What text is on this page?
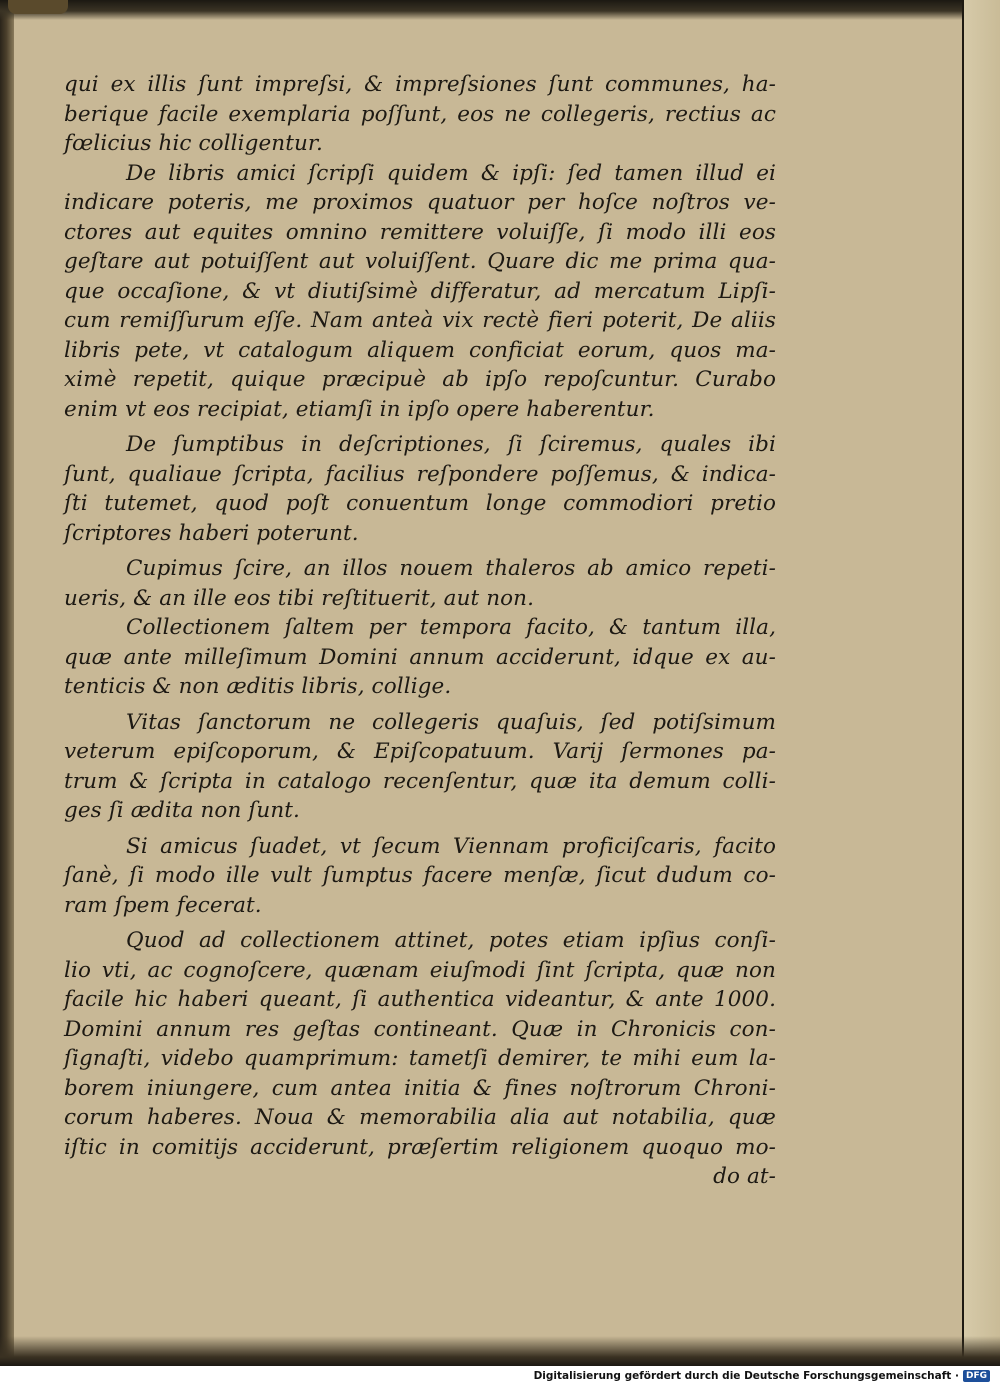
qui ex illis ſunt impreſsi, & impreſsiones ſunt communes, ha-
berique facile exemplaria poſſunt, eos ne collegeris, rectius ac
fœlicius hic colligentur.
De libris amici ſcripſi quidem & ipſi: ſed tamen illud ei
indicare poteris, me proximos quatuor per hoſce noſtros ve-
ctores aut equites omnino remittere voluiſſe, ſi modo illi eos
geſtare aut potuiſſent aut voluiſſent. Quare dic me prima qua-
que occaſione, & vt diutiſsimè differatur, ad mercatum Lipſi-
cum remiſſurum eſſe. Nam anteà vix rectè fieri poterit, De aliis
libris pete, vt catalogum aliquem conficiat eorum, quos ma-
ximè repetit, quique præcipuè ab ipſo repoſcuntur. Curabo
enim vt eos recipiat, etiamſi in ipſo opere haberentur.
De ſumptibus in deſcriptiones, ſi ſciremus, quales ibi
ſunt, qualiaue ſcripta, facilius reſpondere poſſemus, & indica-
ſti tutemet, quod poſt conuentum longe commodiori pretio
ſcriptores haberi poterunt.
Cupimus ſcire, an illos nouem thaleros ab amico repeti-
ueris, & an ille eos tibi reſtituerit, aut non.
Collectionem ſaltem per tempora facito, & tantum illa,
quæ ante milleſimum Domini annum acciderunt, idque ex au-
tenticis & non æditis libris, collige.
Vitas ſanctorum ne collegeris quaſuis, ſed potiſsimum
veterum epiſcoporum, & Epiſcopatuum. Varij ſermones pa-
trum & ſcripta in catalogo recenſentur, quæ ita demum colli-
ges ſi ædita non ſunt.
Si amicus ſuadet, vt ſecum Viennam proficiſcaris, facito
ſanè, ſi modo ille vult ſumptus facere menſæ, ſicut dudum co-
ram ſpem fecerat.
Quod ad collectionem attinet, potes etiam ipſius conſi-
lio vti, ac cognoſcere, quænam eiuſmodi ſint ſcripta, quæ non
facile hic haberi queant, ſi authentica videantur, & ante 1000.
Domini annum res geſtas contineant. Quæ in Chronicis con-
ſignaſti, videbo quamprimum: tametſi demirer, te mihi eum la-
borem iniungere, cum antea initia & fines noſtrorum Chroni-
corum haberes. Noua & memorabilia alia aut notabilia, quæ
iſtic in comitijs acciderunt, præſertim religionem quoquo mo-
do at-
Digitalisierung gefördert durch die Deutsche Forschungsgemeinschaft · DFG
